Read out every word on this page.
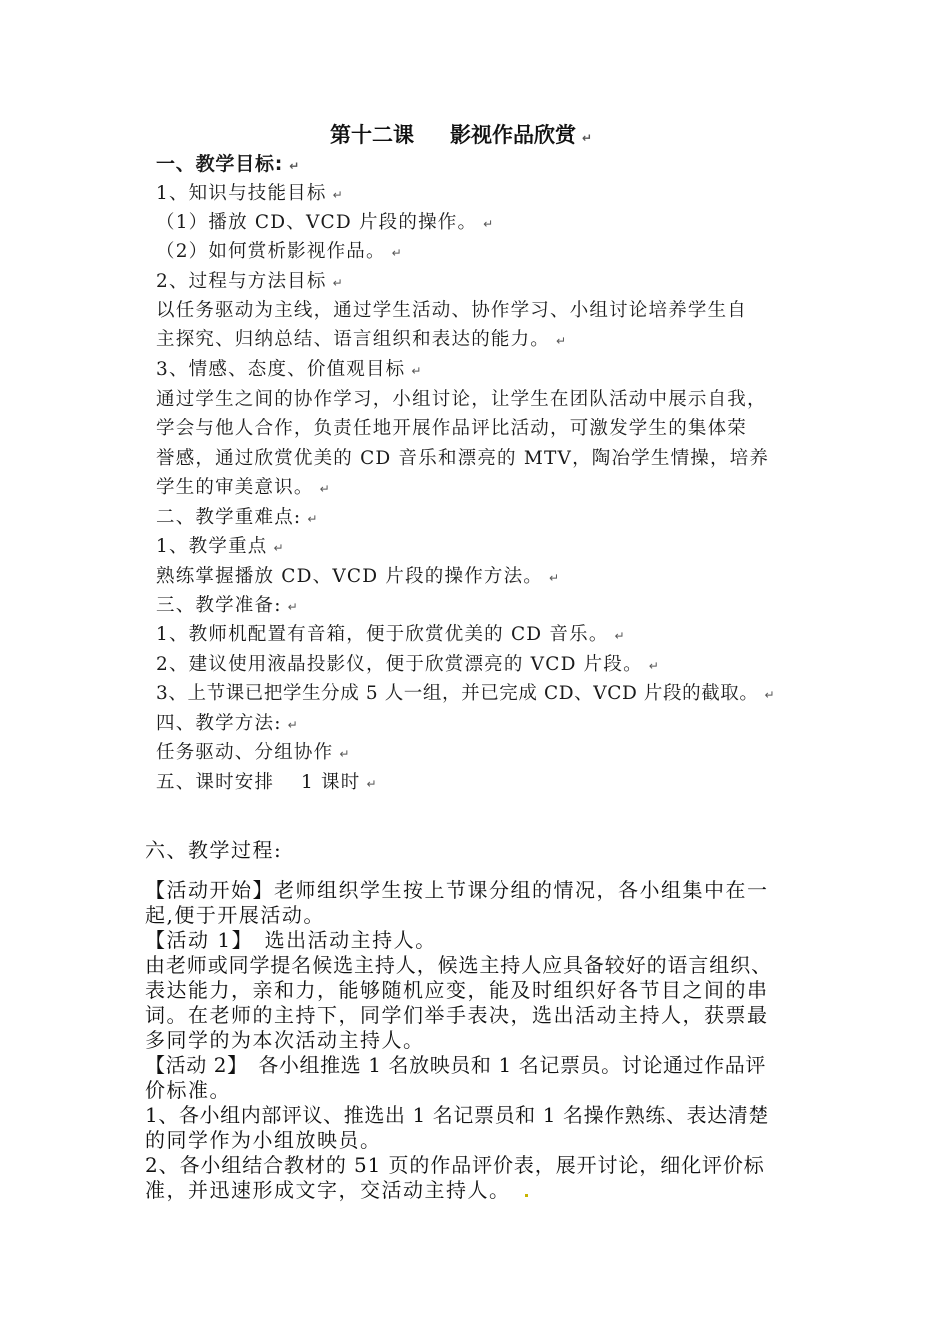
第十二课 影视作品欣赏 ↵
一、教学目标: ↵
1、知识与技能目标 ↵
（1）播放 CD、VCD 片段的操作。 ↵
（2）如何赏析影视作品。 ↵
2、过程与方法目标 ↵
以任务驱动为主线，通过学生活动、协作学习、小组讨论培养学生自
主探究、归纳总结、语言组织和表达的能力。 ↵
3、情感、态度、价值观目标 ↵
通过学生之间的协作学习，小组讨论，让学生在团队活动中展示自我，
学会与他人合作，负责任地开展作品评比活动，可激发学生的集体荣
誉感，通过欣赏优美的 CD 音乐和漂亮的 MTV，陶冶学生情操，培养
学生的审美意识。 ↵
二、教学重难点: ↵
1、教学重点 ↵
熟练掌握播放 CD、VCD 片段的操作方法。 ↵
三、教学准备: ↵
1、教师机配置有音箱，便于欣赏优美的 CD 音乐。 ↵
2、建议使用液晶投影仪，便于欣赏漂亮的 VCD 片段。 ↵
3、上节课已把学生分成 5 人一组，并已完成 CD、VCD 片段的截取。 ↵
四、教学方法: ↵
任务驱动、分组协作 ↵
五、课时安排　 1 课时 ↵
六、教学过程:
【活动开始】老师组织学生按上节课分组的情况，各小组集中在一
起,便于开展活动。
【活动 1】　选出活动主持人。
由老师或同学提名候选主持人，候选主持人应具备较好的语言组织、
表达能力，亲和力，能够随机应变，能及时组织好各节目之间的串
词。在老师的主持下，同学们举手表决，选出活动主持人，获票最
多同学的为本次活动主持人。
【活动 2】　各小组推选 1 名放映员和 1 名记票员。讨论通过作品评
价标准。
1、各小组内部评议、推选出 1 名记票员和 1 名操作熟练、表达清楚
的同学作为小组放映员。
2、各小组结合教材的 51 页的作品评价表，展开讨论，细化评价标
准，并迅速形成文字，交活动主持人。
